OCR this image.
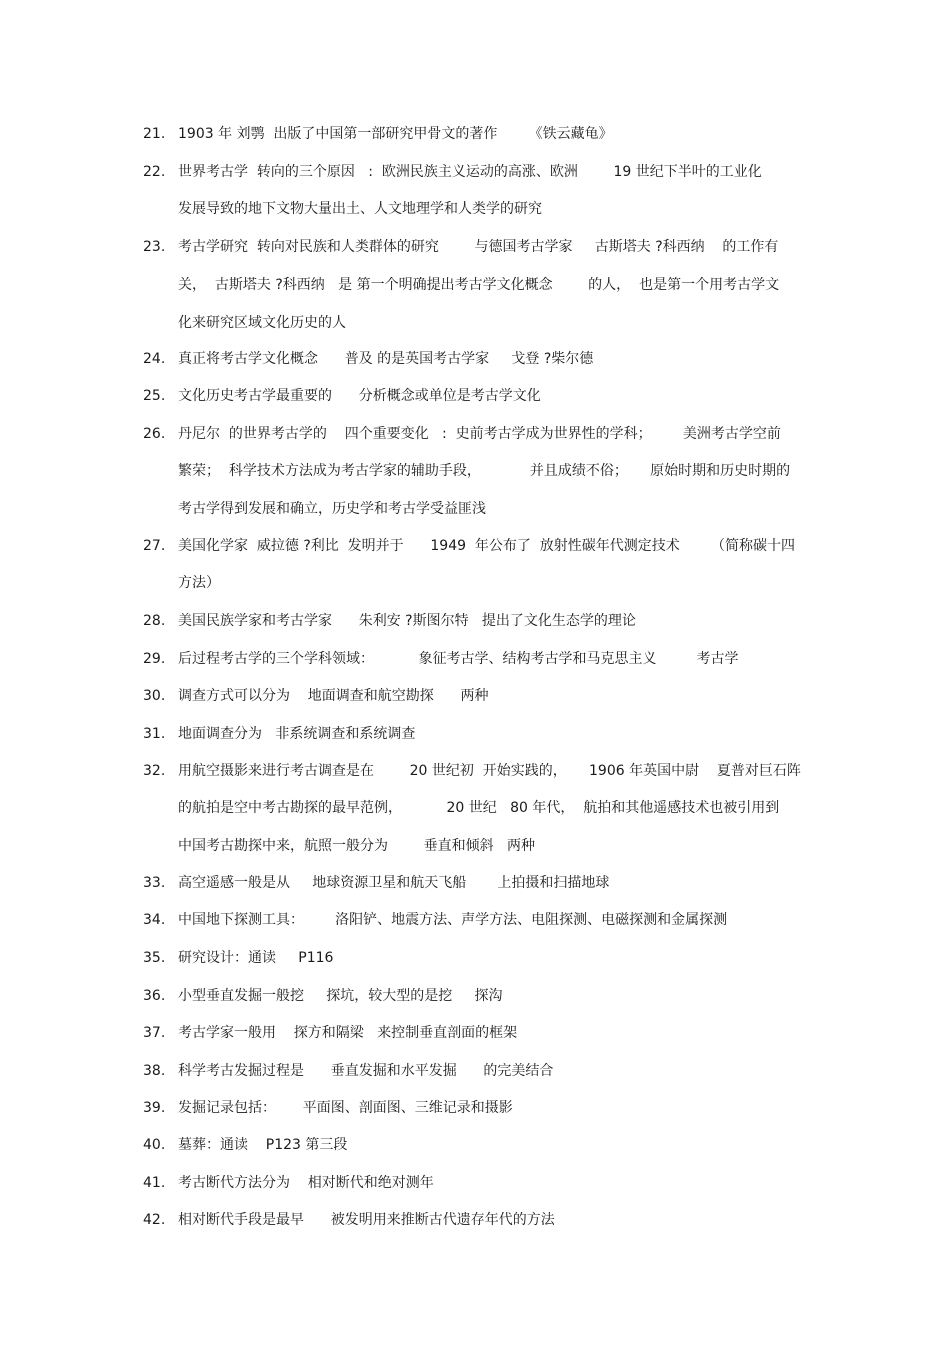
21. 1903 年 刘鹗  出版了中国第一部研究甲骨文的著作       《铁云藏龟》
22. 世界考古学  转向的三个原因   :  欧洲民族主义运动的高涨、欧洲        19 世纪下半叶的工业化
发展导致的地下文物大量出土、人文地理学和人类学的研究
23. 考古学研究  转向对民族和人类群体的研究        与德国考古学家     古斯塔夫 ?科西纳    的工作有
关，  古斯塔夫 ?科西纳   是 第一个明确提出考古学文化概念        的人，  也是第一个用考古学文
化来研究区域文化历史的人
24. 真正将考古学文化概念      普及 的是英国考古学家     戈登 ?柴尔德
25. 文化历史考古学最重要的      分析概念或单位是考古学文化
26. 丹尼尔  的世界考古学的    四个重要变化   :  史前考古学成为世界性的学科；       美洲考古学空前
繁荣；  科学技术方法成为考古学家的辅助手段，           并且成绩不俗；     原始时期和历史时期的
考古学得到发展和确立，历史学和考古学受益匪浅
27. 美国化学家  威拉德 ?利比  发明并于      1949  年公布了  放射性碳年代测定技术       （简称碳十四
方法）
28. 美国民族学家和考古学家      朱利安 ?斯图尔特   提出了文化生态学的理论
29. 后过程考古学的三个学科领域：          象征考古学、结构考古学和马克思主义         考古学
30. 调查方式可以分为    地面调查和航空勘探      两种
31. 地面调查分为   非系统调查和系统调查
32. 用航空摄影来进行考古调查是在        20 世纪初  开始实践的，     1906 年英国中尉    夏普对巨石阵
的航拍是空中考古勘探的最早范例，          20 世纪   80 年代，  航拍和其他遥感技术也被引用到
中国考古勘探中来，航照一般分为        垂直和倾斜   两种
33. 高空遥感一般是从     地球资源卫星和航天飞船       上拍摄和扫描地球
34. 中国地下探测工具：       洛阳铲、地震方法、声学方法、电阻探测、电磁探测和金属探测
35. 研究设计：通读     P116
36. 小型垂直发掘一般挖     探坑，较大型的是挖     探沟
37. 考古学家一般用    探方和隔梁   来控制垂直剖面的框架
38. 科学考古发掘过程是      垂直发掘和水平发掘      的完美结合
39. 发掘记录包括：      平面图、剖面图、三维记录和摄影
40. 墓葬：通读    P123 第三段
41. 考古断代方法分为    相对断代和绝对测年
42. 相对断代手段是最早      被发明用来推断古代遗存年代的方法
